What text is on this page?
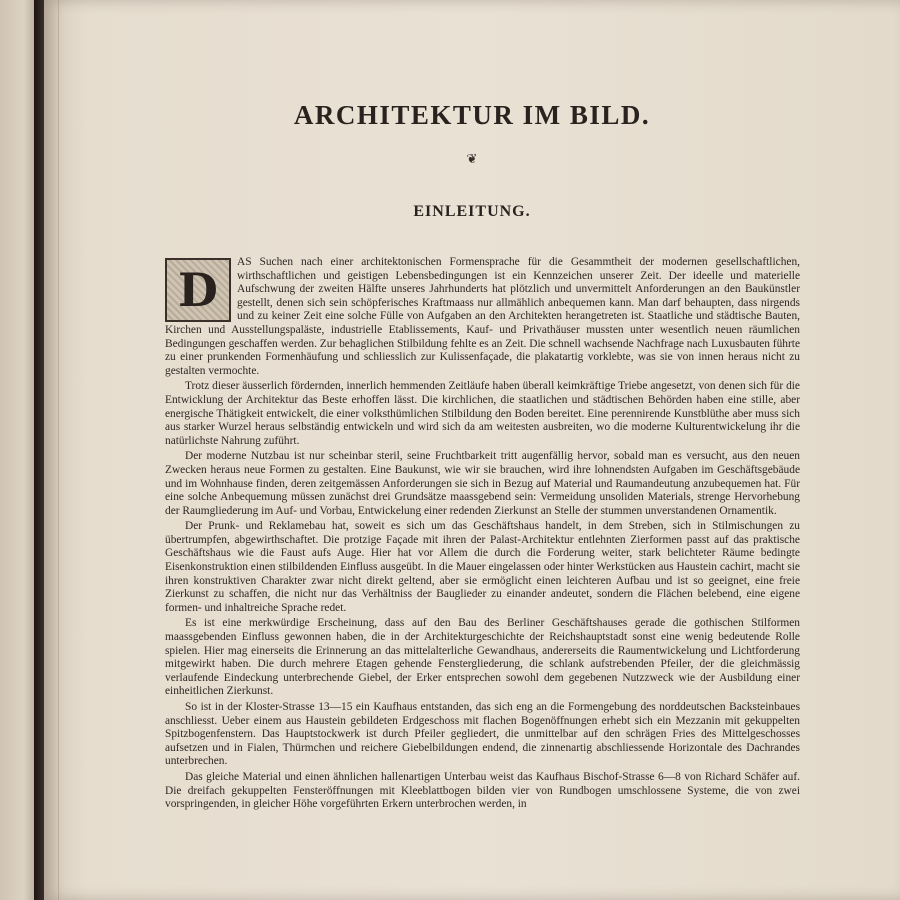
ARCHITEKTUR IM BILD.
❦
EINLEITUNG.

D
AS Suchen nach einer architektonischen Formensprache für die Gesammtheit der modernen gesellschaftlichen, wirthschaftlichen und geistigen Lebensbedingungen ist ein Kennzeichen unserer Zeit. Der ideelle und materielle Aufschwung der zweiten Hälfte unseres Jahrhunderts hat plötzlich und unvermittelt Anforderungen an den Baukünstler gestellt, denen sich sein schöpferisches Kraftmaass nur allmählich anbequemen kann. Man darf behaupten, dass nirgends und zu keiner Zeit eine solche Fülle von Aufgaben an den Architekten herangetreten ist. Staatliche und städtische Bauten, Kirchen und Ausstellungspaläste, industrielle Etablissements, Kauf- und Privathäuser mussten unter wesentlich neuen räumlichen Bedingungen geschaffen werden. Zur behaglichen Stilbildung fehlte es an Zeit. Die schnell wachsende Nachfrage nach Luxusbauten führte zu einer prunkenden Formenhäufung und schliesslich zur Kulissenfaçade, die plakatartig vorklebte, was sie von innen heraus nicht zu gestalten vermochte.

Trotz dieser äusserlich fördernden, innerlich hemmenden Zeitläufe haben überall keimkräftige Triebe angesetzt, von denen sich für die Entwicklung der Architektur das Beste erhoffen lässt. Die kirchlichen, die staatlichen und städtischen Behörden haben eine stille, aber energische Thätigkeit entwickelt, die einer volksthümlichen Stilbildung den Boden bereitet. Eine perennirende Kunstblüthe aber muss sich aus starker Wurzel heraus selbständig entwickeln und wird sich da am weitesten ausbreiten, wo die moderne Kulturentwickelung ihr die natürlichste Nahrung zuführt.

Der moderne Nutzbau ist nur scheinbar steril, seine Fruchtbarkeit tritt augenfällig hervor, sobald man es versucht, aus den neuen Zwecken heraus neue Formen zu gestalten. Eine Baukunst, wie wir sie brauchen, wird ihre lohnendsten Aufgaben im Geschäftsgebäude und im Wohnhause finden, deren zeitgemässen Anforderungen sie sich in Bezug auf Material und Raumandeutung anzubequemen hat. Für eine solche Anbequemung müssen zunächst drei Grundsätze maassgebend sein: Vermeidung unsoliden Materials, strenge Hervorhebung der Raumgliederung im Auf- und Vorbau, Entwickelung einer redenden Zierkunst an Stelle der stummen unverstandenen Ornamentik.

Der Prunk- und Reklamebau hat, soweit es sich um das Geschäftshaus handelt, in dem Streben, sich in Stilmischungen zu übertrumpfen, abgewirthschaftet. Die protzige Façade mit ihren der Palast-Architektur entlehnten Zierformen passt auf das praktische Geschäftshaus wie die Faust aufs Auge. Hier hat vor Allem die durch die Forderung weiter, stark belichteter Räume bedingte Eisenkonstruktion einen stilbildenden Einfluss ausgeübt. In die Mauer eingelassen oder hinter Werkstücken aus Haustein cachirt, macht sie ihren konstruktiven Charakter zwar nicht direkt geltend, aber sie ermöglicht einen leichteren Aufbau und ist so geeignet, eine freie Zierkunst zu schaffen, die nicht nur das Verhältniss der Bauglieder zu einander andeutet, sondern die Flächen belebend, eine eigene formen- und inhaltreiche Sprache redet.

Es ist eine merkwürdige Erscheinung, dass auf den Bau des Berliner Geschäftshauses gerade die gothischen Stilformen maassgebenden Einfluss gewonnen haben, die in der Architekturgeschichte der Reichshauptstadt sonst eine wenig bedeutende Rolle spielen. Hier mag einerseits die Erinnerung an das mittelalterliche Gewandhaus, andererseits die Raumentwickelung und Lichtforderung mitgewirkt haben. Die durch mehrere Etagen gehende Fenstergliederung, die schlank aufstrebenden Pfeiler, der die gleichmässig verlaufende Eindeckung unterbrechende Giebel, der Erker entsprechen sowohl dem gegebenen Nutzzweck wie der Ausbildung einer einheitlichen Zierkunst.

So ist in der Kloster-Strasse 13—15 ein Kaufhaus entstanden, das sich eng an die Formengebung des norddeutschen Backsteinbaues anschliesst. Ueber einem aus Haustein gebildeten Erdgeschoss mit flachen Bogenöffnungen erhebt sich ein Mezzanin mit gekuppelten Spitzbogenfenstern. Das Hauptstockwerk ist durch Pfeiler gegliedert, die unmittelbar auf den schrägen Fries des Mittelgeschosses aufsetzen und in Fialen, Thürmchen und reichere Giebelbildungen endend, die zinnenartig abschliessende Horizontale des Dachrandes unterbrechen.

Das gleiche Material und einen ähnlichen hallenartigen Unterbau weist das Kaufhaus Bischof-Strasse 6—8 von Richard Schäfer auf. Die dreifach gekuppelten Fensteröffnungen mit Kleeblattbogen bilden vier von Rundbogen umschlossene Systeme, die von zwei vorspringenden, in gleicher Höhe vorgeführten Erkern unterbrochen werden, in
